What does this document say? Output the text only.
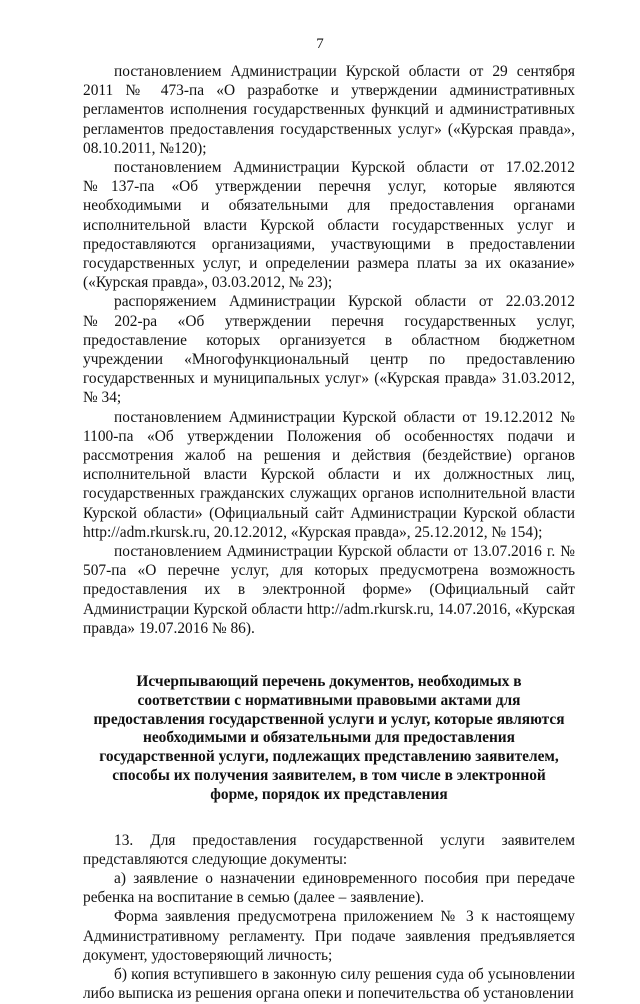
7

постановлением Администрации Курской области от 29 сентября 2011 № 473-па «О разработке и утверждении административных регламентов исполнения государственных функций и административных регламентов предоставления государственных услуг» («Курская правда», 08.10.2011, №120);

постановлением Администрации Курской области от 17.02.2012 №137-па «Об утверждении перечня услуг, которые являются необходимыми и обязательными для предоставления органами исполнительной власти Курской области государственных услуг и предоставляются организациями, участвующими в предоставлении государственных услуг, и определении размера платы за их оказание» («Курская правда», 03.03.2012, № 23);

распоряжением Администрации Курской области от 22.03.2012 №202-ра «Об утверждении перечня государственных услуг, предоставление которых организуется в областном бюджетном учреждении «Многофункциональный центр по предоставлению государственных и муниципальных услуг» («Курская правда» 31.03.2012, № 34;

постановлением Администрации Курской области от 19.12.2012 № 1100-па «Об утверждении Положения об особенностях подачи и рассмотрения жалоб на решения и действия (бездействие) органов исполнительной власти Курской области и их должностных лиц, государственных гражданских служащих органов исполнительной власти Курской области» (Официальный сайт Администрации Курской области http://adm.rkursk.ru, 20.12.2012, «Курская правда», 25.12.2012, № 154);

постановлением Администрации Курской области от 13.07.2016 г. № 507-па «О перечне услуг, для которых предусмотрена возможность предоставления их в электронной форме» (Официальный сайт Администрации Курской области http://adm.rkursk.ru, 14.07.2016, «Курская правда» 19.07.2016 № 86).

Исчерпывающий перечень документов, необходимых в соответствии с нормативными правовыми актами для предоставления государственной услуги и услуг, которые являются необходимыми и обязательными для предоставления государственной услуги, подлежащих представлению заявителем, способы их получения заявителем, в том числе в электронной форме, порядок их представления

13. Для предоставления государственной услуги заявителем представляются следующие документы:

а) заявление о назначении единовременного пособия при передаче ребенка на воспитание в семью (далее – заявление).

Форма заявления предусмотрена приложением № 3 к настоящему Административному регламенту. При подаче заявления предъявляется документ, удостоверяющий личность;

б) копия вступившего в законную силу решения суда об усыновлении либо выписка из решения органа опеки и попечительства об установлении
